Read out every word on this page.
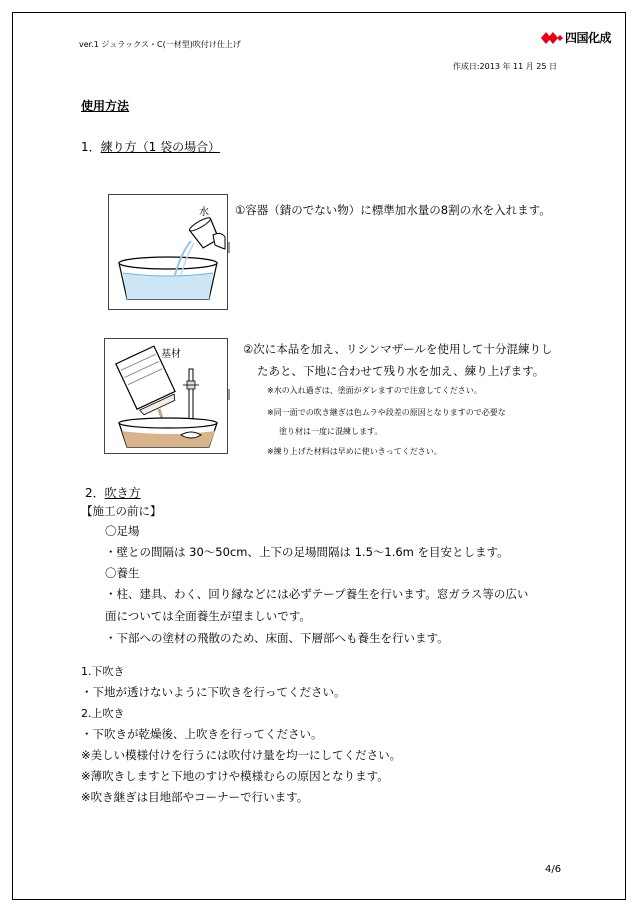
ver.1 ジュラックス・C(一材型)吹付け仕上げ	四国化成
作成日:2013 年 11 月 25 日
使用方法
1．練り方（1 袋の場合）
水 ①容器（錆のでない物）に標準加水量の8割の水を入れます。
基材	②次に本品を加え、リシンマザールを使用して十分混練りし
たあと、下地に合わせて残り水を加え、練り上げます。
※水の入れ過ぎは、塗面がダレますので注意してください。
※同一面での吹き継ぎは色ムラや段差の原因となりますので必要な
塗り材は一度に混練します。
※練り上げた材料は早めに使いきってください。
2．吹き方
【施工の前に】
〇足場
・壁との間隔は 30～50cm、上下の足場間隔は 1.5～1.6m を目安とします。
〇養生
・柱、建具、わく、回り縁などには必ずテープ養生を行います。窓ガラス等の広い
面については全面養生が望ましいです。
・下部への塗材の飛散のため、床面、下層部へも養生を行います。
1.下吹き
・下地が透けないように下吹きを行ってください。
2.上吹き
・下吹きが乾燥後、上吹きを行ってください。
※美しい模様付けを行うには吹付け量を均一にしてください。
※薄吹きしますと下地のすけや模様むらの原因となります。
※吹き継ぎは目地部やコーナーで行います。
4/6
